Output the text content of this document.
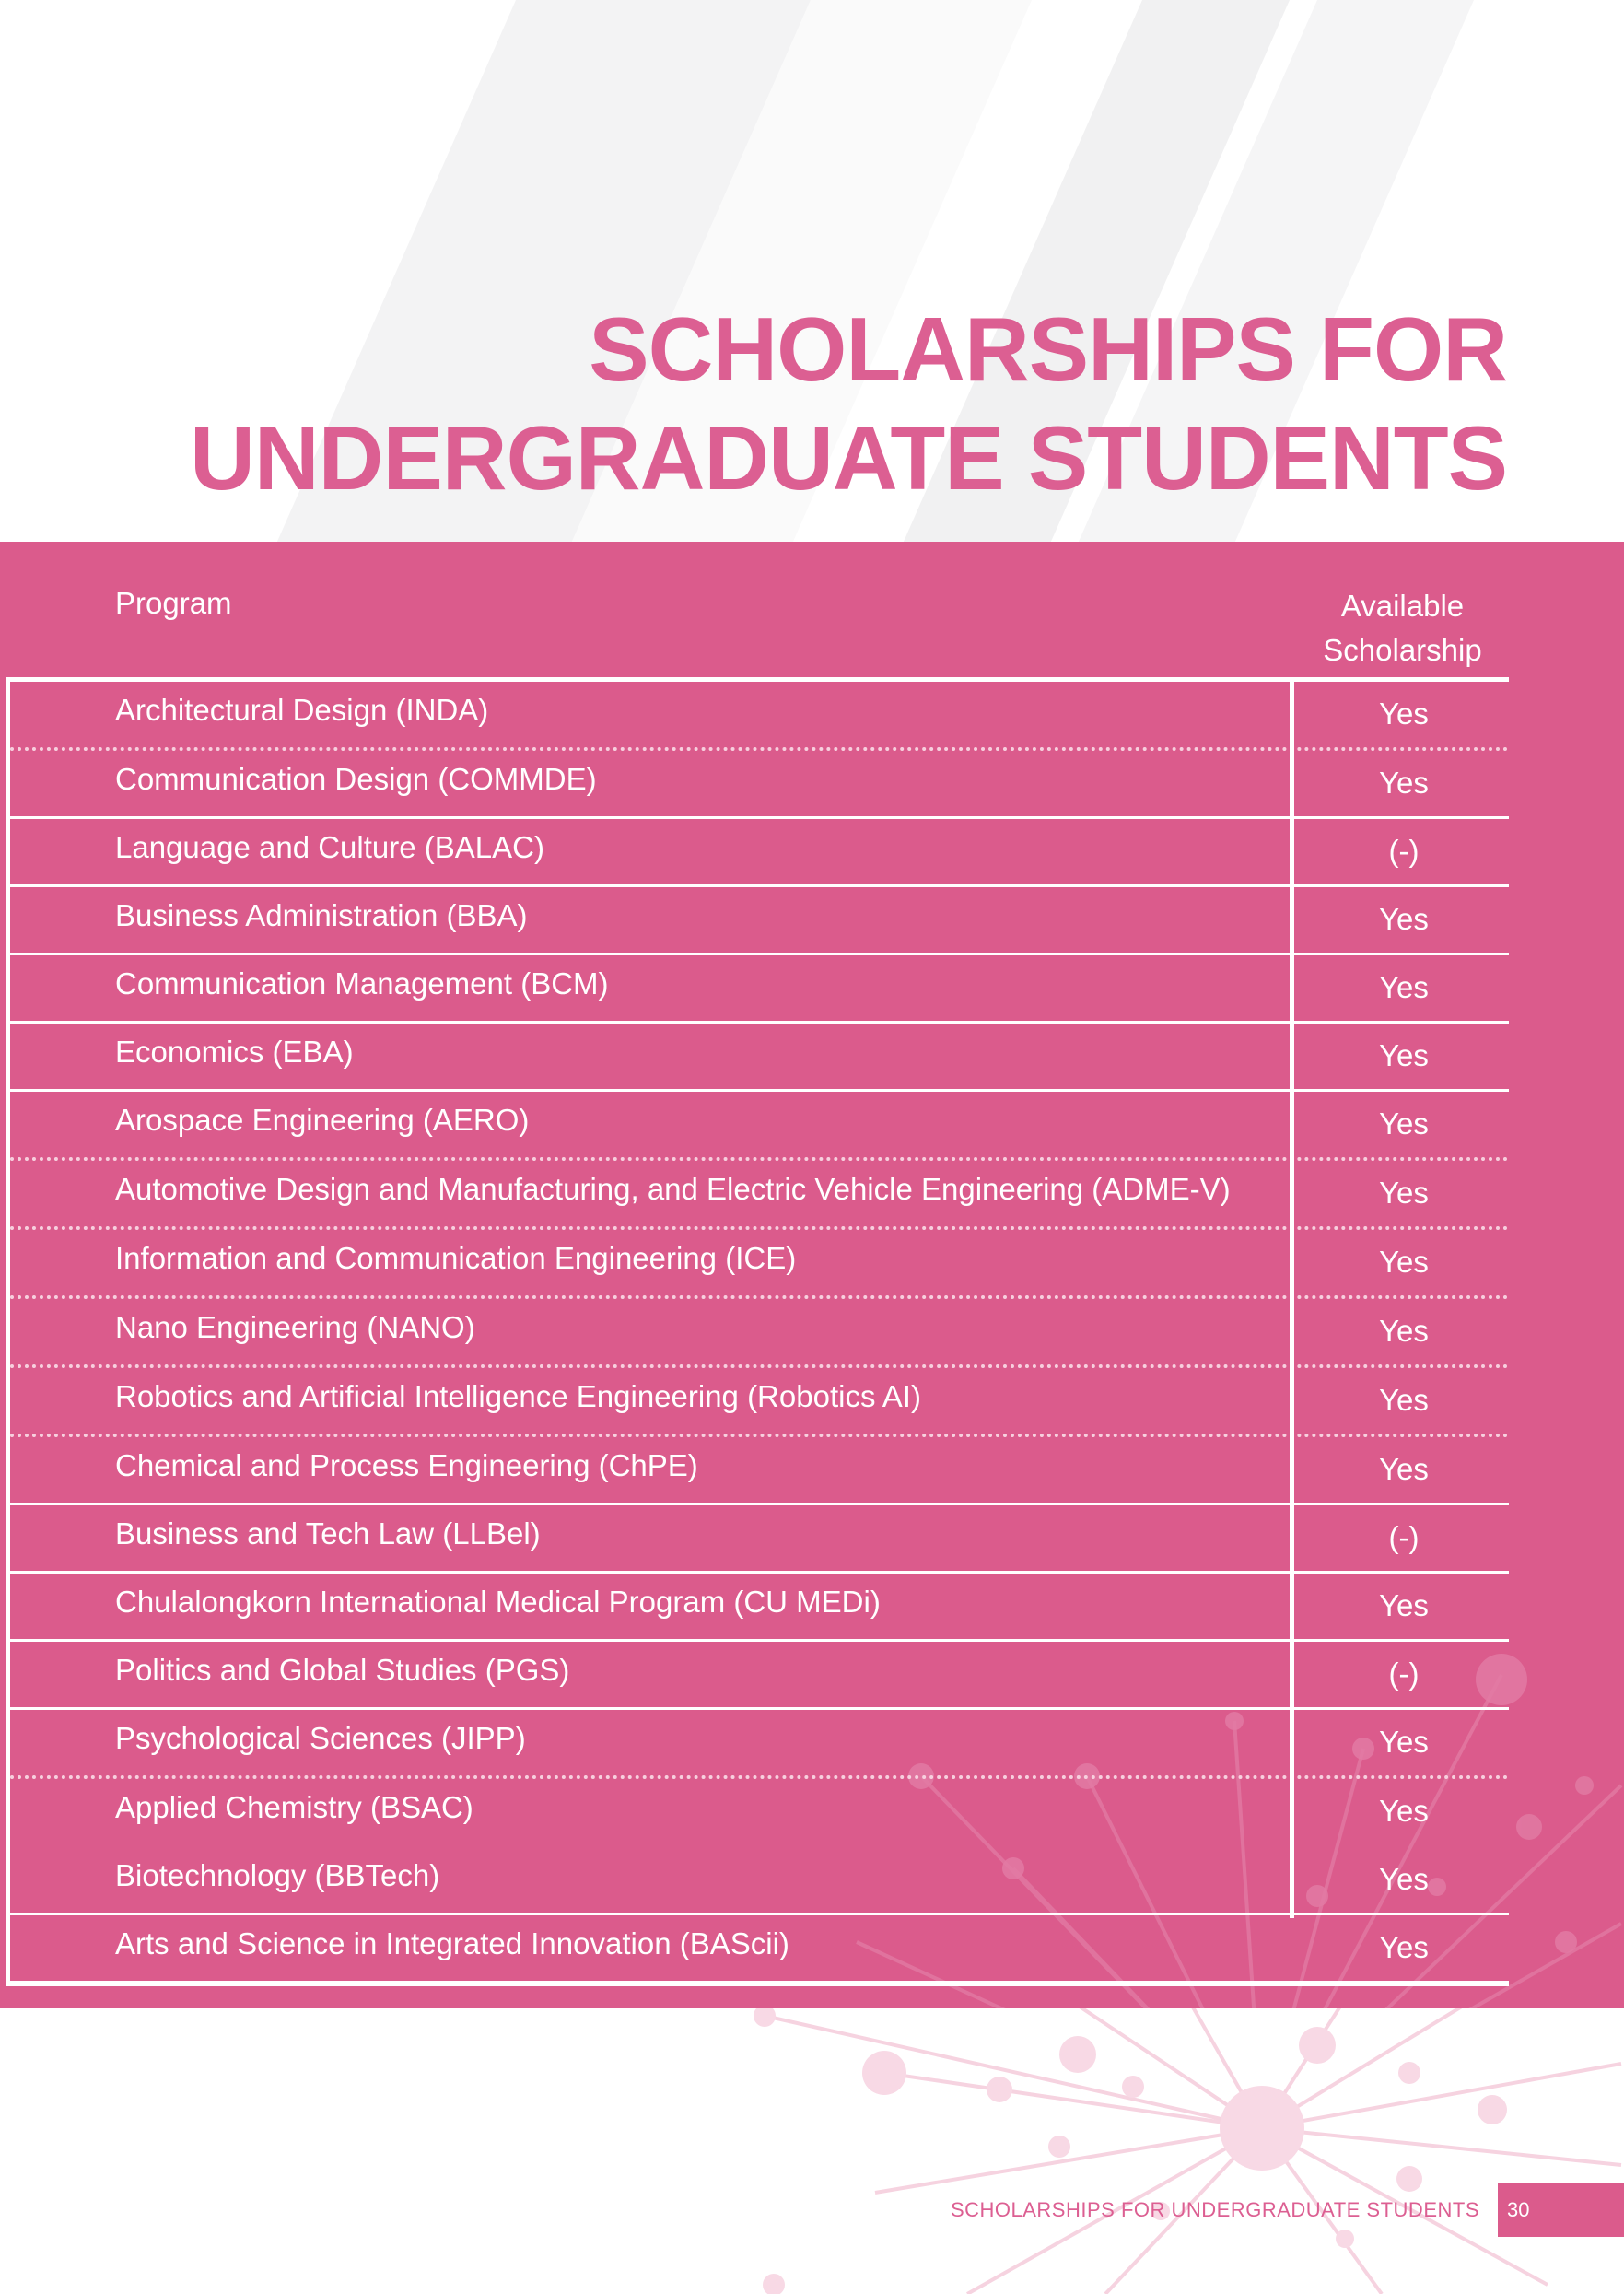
SCHOLARSHIPS FOR
UNDERGRADUATE STUDENTS
Program	Available
Scholarship
Architectural Design (INDA)	Yes
Communication Design (COMMDE)	Yes
Language and Culture (BALAC)	(-)
Business Administration (BBA)	Yes
Communication Management (BCM)	Yes
Economics (EBA)	Yes
Arospace Engineering (AERO)	Yes
Automotive Design and Manufacturing, and Electric Vehicle Engineering (ADME-V)	Yes
Information and Communication Engineering (ICE)	Yes
Nano Engineering (NANO)	Yes
Robotics and Artificial Intelligence Engineering (Robotics AI)	Yes
Chemical and Process Engineering (ChPE)	Yes
Business and Tech Law (LLBel)	(-)
Chulalongkorn International Medical Program (CU MEDi)	Yes
Politics and Global Studies (PGS)	(-)
Psychological Sciences (JIPP)	Yes
Applied Chemistry (BSAC)	Yes
Biotechnology (BBTech)	Yes
Arts and Science in Integrated Innovation (BAScii)	Yes
SCHOLARSHIPS FOR UNDERGRADUATE STUDENTS 30
